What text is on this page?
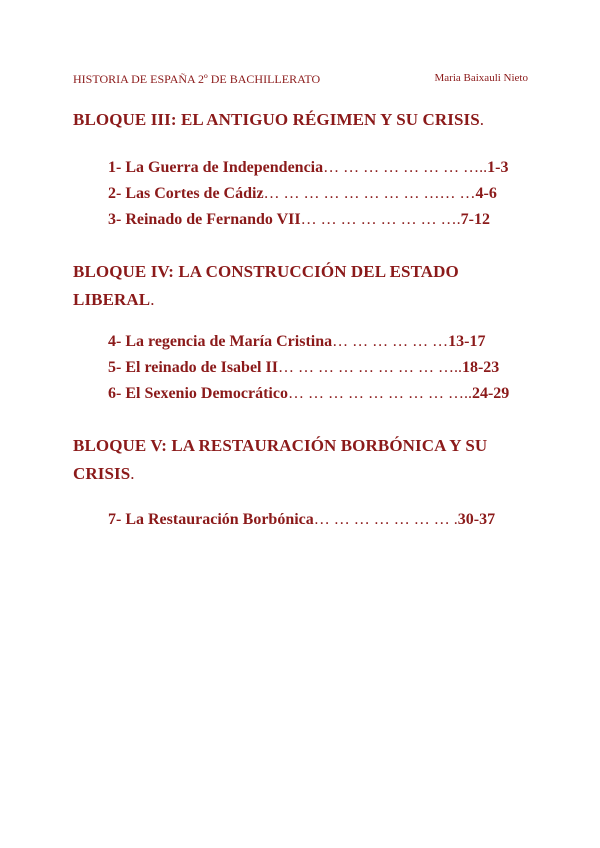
HISTORIA DE ESPAÑA 2º DE BACHILLERATO	Maria Baixauli Nieto
BLOQUE III: EL ANTIGUO RÉGIMEN Y SU CRISIS.
1- La Guerra de Independencia… … … … … … … …..1-3
2- Las Cortes de Cádiz… … … … … … … … …… …4-6
3- Reinado de Fernando VII… … … … … … … ….7-12
BLOQUE IV: LA CONSTRUCCIÓN DEL ESTADO
LIBERAL.
4- La regencia de María Cristina… … … … … …13-17
5- El reinado de Isabel II… … … … … … … … …..18-23
6- El Sexenio Democrático… … … … … … … … …..24-29
BLOQUE V: LA RESTAURACIÓN BORBÓNICA Y SU
CRISIS.
7- La Restauración Borbónica… … … … … … … .30-37
